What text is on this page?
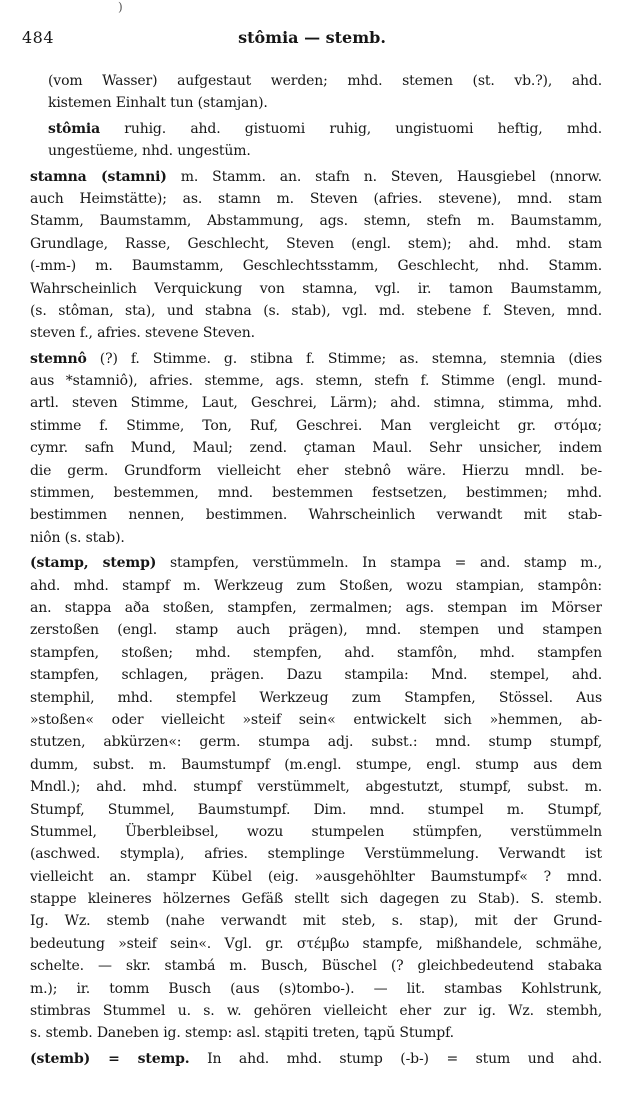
)
484	stômia — stemb.
(vom Wasser) aufgestaut werden; mhd. stemen (st. vb.?), ahd.
kistemen Einhalt tun (stamjan).
stômia ruhig. ahd. gistuomi ruhig, ungistuomi heftig, mhd.
ungestüeme, nhd. ungestüm.
stamna (stamni) m. Stamm. an. stafn n. Steven, Hausgiebel (nnorw.
auch Heimstätte); as. stamn m. Steven (afries. stevene), mnd. stam
Stamm, Baumstamm, Abstammung, ags. stemn, stefn m. Baumstamm,
Grundlage, Rasse, Geschlecht, Steven (engl. stem); ahd. mhd. stam
(-mm-) m. Baumstamm, Geschlechtsstamm, Geschlecht, nhd. Stamm.
Wahrscheinlich Verquickung von stamna, vgl. ir. tamon Baumstamm,
(s. stôman, sta), und stabna (s. stab), vgl. md. stebene f. Steven, mnd.
steven f., afries. stevene Steven.
stemnô (?) f. Stimme. g. stibna f. Stimme; as. stemna, stemnia (dies
aus *stamniô), afries. stemme, ags. stemn, stefn f. Stimme (engl. mund-
artl. steven Stimme, Laut, Geschrei, Lärm); ahd. stimna, stimma, mhd.
stimme f. Stimme, Ton, Ruf, Geschrei. Man vergleicht gr. στόμα;
cymr. safn Mund, Maul; zend. ҫtaman Maul. Sehr unsicher, indem
die germ. Grundform vielleicht eher stebnô wäre. Hierzu mndl. be-
stimmen, bestemmen, mnd. bestemmen festsetzen, bestimmen; mhd.
bestimmen nennen, bestimmen. Wahrscheinlich verwandt mit stab-
niôn (s. stab).
(stamp, stemp) stampfen, verstümmeln. In stampa = and. stamp m.,
ahd. mhd. stampf m. Werkzeug zum Stoßen, wozu stampian, stampôn:
an. stappa aða stoßen, stampfen, zermalmen; ags. stempan im Mörser
zerstoßen (engl. stamp auch prägen), mnd. stempen und stampen
stampfen, stoßen; mhd. stempfen, ahd. stamfôn, mhd. stampfen
stampfen, schlagen, prägen. Dazu stampila: Mnd. stempel, ahd.
stemphil, mhd. stempfel Werkzeug zum Stampfen, Stössel. Aus
»stoßen« oder vielleicht »steif sein« entwickelt sich »hemmen, ab-
stutzen, abkürzen«: germ. stumpa adj. subst.: mnd. stump stumpf,
dumm, subst. m. Baumstumpf (m.engl. stumpe, engl. stump aus dem
Mndl.); ahd. mhd. stumpf verstümmelt, abgestutzt, stumpf, subst. m.
Stumpf, Stummel, Baumstumpf. Dim. mnd. stumpel m. Stumpf,
Stummel, Überbleibsel, wozu stumpelen stümpfen, verstümmeln
(aschwed. stympla), afries. stemplinge Verstümmelung. Verwandt ist
vielleicht an. stampr Kübel (eig. »ausgehöhlter Baumstumpf« ? mnd.
stappe kleineres hölzernes Gefäß stellt sich dagegen zu Stab). S. stemb.
Ig. Wz. stemb (nahe verwandt mit steb, s. stap), mit der Grund-
bedeutung »steif sein«. Vgl. gr. στέμβω stampfe, mißhandele, schmähe,
schelte. — skr. stambá m. Busch, Büschel (? gleichbedeutend stabaka
m.); ir. tomm Busch (aus (s)tombo-). — lit. stambas Kohlstrunk,
stimbras Stummel u. s. w. gehören vielleicht eher zur ig. Wz. stembh,
s. stemb. Daneben ig. stemp: asl. stąpiti treten, tąpŭ Stumpf.
(stemb) = stemp. In ahd. mhd. stump (-b-) = stum und ahd.
